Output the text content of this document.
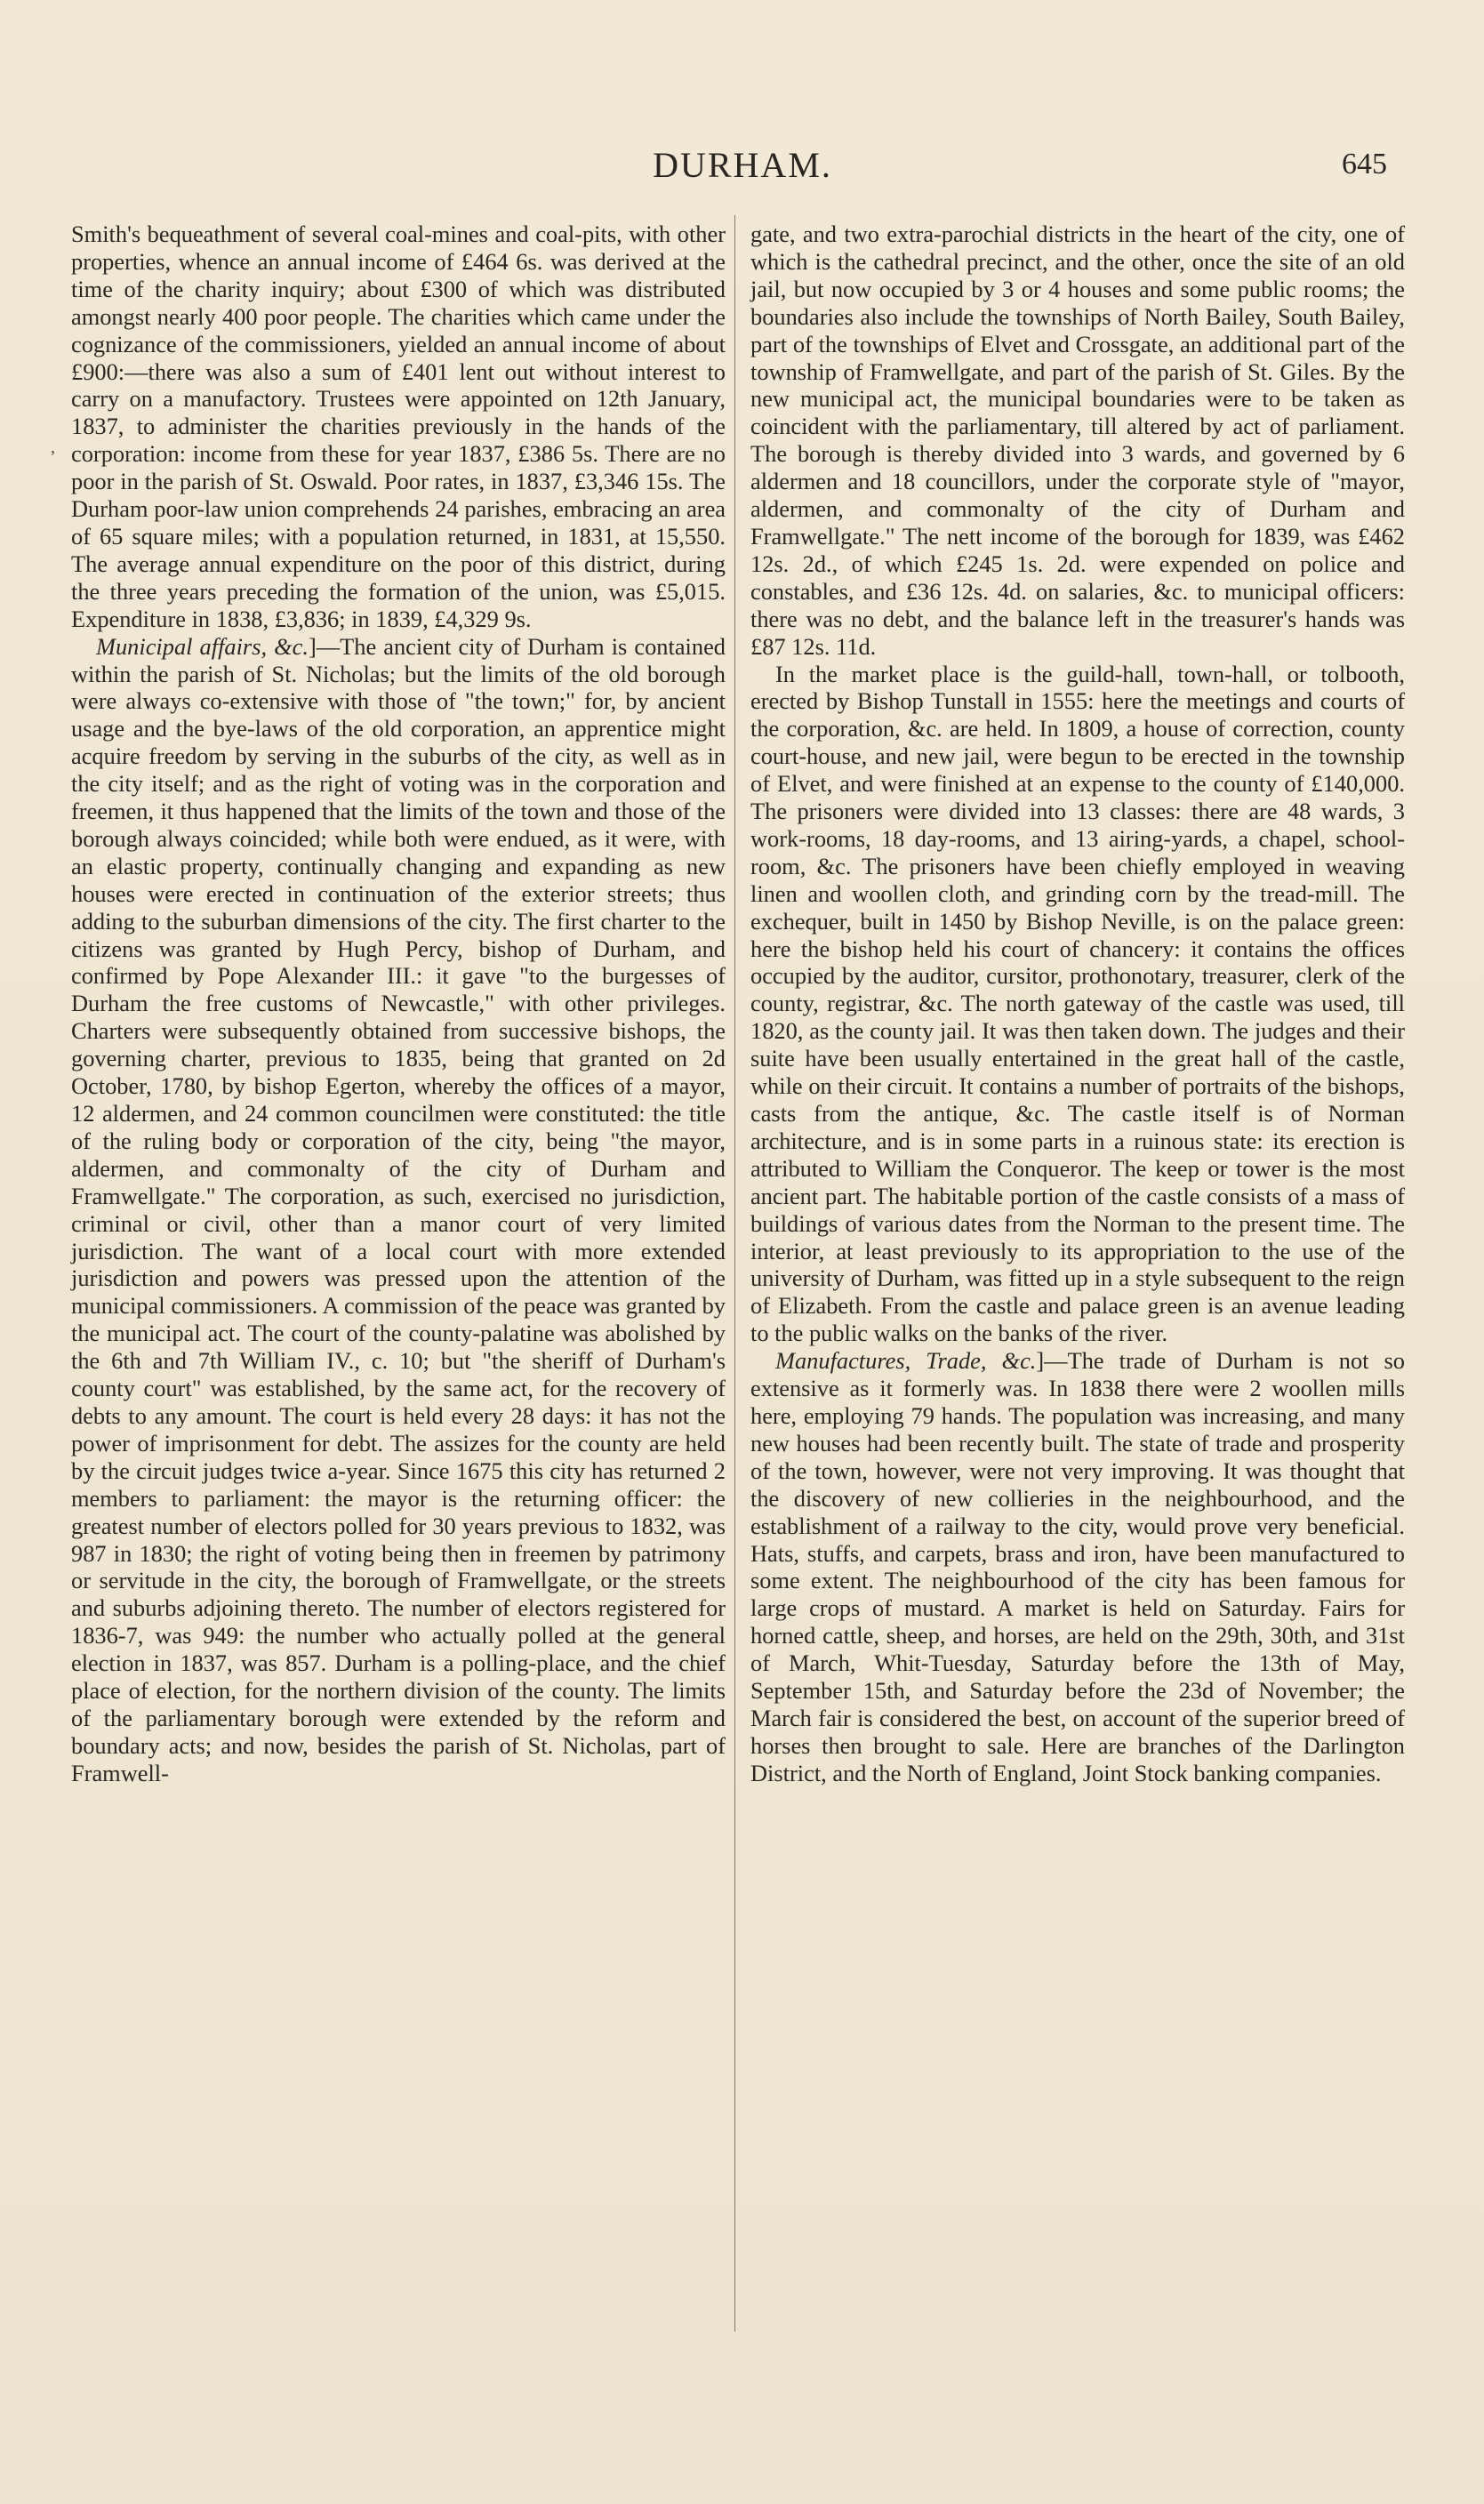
DURHAM.	645
’

Smith's bequeathment of several coal-mines and coal-pits, with other properties, whence an annual income of £464 6s. was derived at the time of the charity inquiry; about £300 of which was distributed amongst nearly 400 poor people. The charities which came under the cognizance of the commissioners, yielded an annual income of about £900:—there was also a sum of £401 lent out without interest to carry on a manufactory. Trustees were appointed on 12th January, 1837, to administer the charities previously in the hands of the corporation: income from these for year 1837, £386 5s. There are no poor in the parish of St. Oswald. Poor rates, in 1837, £3,346 15s. The Durham poor-law union comprehends 24 parishes, embracing an area of 65 square miles; with a population returned, in 1831, at 15,550. The average annual expenditure on the poor of this district, during the three years preceding the formation of the union, was £5,015. Expenditure in 1838, £3,836; in 1839, £4,329 9s.

Municipal affairs, &c.]—The ancient city of Durham is contained within the parish of St. Nicholas; but the limits of the old borough were always co-extensive with those of "the town;" for, by ancient usage and the bye-laws of the old corporation, an apprentice might acquire freedom by serving in the suburbs of the city, as well as in the city itself; and as the right of voting was in the corporation and freemen, it thus happened that the limits of the town and those of the borough always coincided; while both were endued, as it were, with an elastic property, continually changing and expanding as new houses were erected in continuation of the exterior streets; thus adding to the suburban dimensions of the city. The first charter to the citizens was granted by Hugh Percy, bishop of Durham, and confirmed by Pope Alexander III.: it gave "to the burgesses of Durham the free customs of Newcastle," with other privileges. Charters were subsequently obtained from successive bishops, the governing charter, previous to 1835, being that granted on 2d October, 1780, by bishop Egerton, whereby the offices of a mayor, 12 aldermen, and 24 common councilmen were constituted: the title of the ruling body or corporation of the city, being "the mayor, aldermen, and commonalty of the city of Durham and Framwellgate." The corporation, as such, exercised no jurisdiction, criminal or civil, other than a manor court of very limited jurisdiction. The want of a local court with more extended jurisdiction and powers was pressed upon the attention of the municipal commissioners. A commission of the peace was granted by the municipal act. The court of the county-palatine was abolished by the 6th and 7th William IV., c. 10; but "the sheriff of Durham's county court" was established, by the same act, for the recovery of debts to any amount. The court is held every 28 days: it has not the power of imprisonment for debt. The assizes for the county are held by the circuit judges twice a-year. Since 1675 this city has returned 2 members to parliament: the mayor is the returning officer: the greatest number of electors polled for 30 years previous to 1832, was 987 in 1830; the right of voting being then in freemen by patrimony or servitude in the city, the borough of Framwellgate, or the streets and suburbs adjoining thereto. The number of electors registered for 1836-7, was 949: the number who actually polled at the general election in 1837, was 857. Durham is a polling-place, and the chief place of election, for the northern division of the county. The limits of the parliamentary borough were extended by the reform and boundary acts; and now, besides the parish of St. Nicholas, part of Framwell-

gate, and two extra-parochial districts in the heart of the city, one of which is the cathedral precinct, and the other, once the site of an old jail, but now occupied by 3 or 4 houses and some public rooms; the boundaries also include the townships of North Bailey, South Bailey, part of the townships of Elvet and Crossgate, an additional part of the township of Framwellgate, and part of the parish of St. Giles. By the new municipal act, the municipal boundaries were to be taken as coincident with the parliamentary, till altered by act of parliament. The borough is thereby divided into 3 wards, and governed by 6 aldermen and 18 councillors, under the corporate style of "mayor, aldermen, and commonalty of the city of Durham and Framwellgate." The nett income of the borough for 1839, was £462 12s. 2d., of which £245 1s. 2d. were expended on police and constables, and £36 12s. 4d. on salaries, &c. to municipal officers: there was no debt, and the balance left in the treasurer's hands was £87 12s. 11d.

In the market place is the guild-hall, town-hall, or tolbooth, erected by Bishop Tunstall in 1555: here the meetings and courts of the corporation, &c. are held. In 1809, a house of correction, county court-house, and new jail, were begun to be erected in the township of Elvet, and were finished at an expense to the county of £140,000. The prisoners were divided into 13 classes: there are 48 wards, 3 work-rooms, 18 day-rooms, and 13 airing-yards, a chapel, school-room, &c. The prisoners have been chiefly employed in weaving linen and woollen cloth, and grinding corn by the tread-mill. The exchequer, built in 1450 by Bishop Neville, is on the palace green: here the bishop held his court of chancery: it contains the offices occupied by the auditor, cursitor, prothonotary, treasurer, clerk of the county, registrar, &c. The north gateway of the castle was used, till 1820, as the county jail. It was then taken down. The judges and their suite have been usually entertained in the great hall of the castle, while on their circuit. It contains a number of portraits of the bishops, casts from the antique, &c. The castle itself is of Norman architecture, and is in some parts in a ruinous state: its erection is attributed to William the Conqueror. The keep or tower is the most ancient part. The habitable portion of the castle consists of a mass of buildings of various dates from the Norman to the present time. The interior, at least previously to its appropriation to the use of the university of Durham, was fitted up in a style subsequent to the reign of Elizabeth. From the castle and palace green is an avenue leading to the public walks on the banks of the river.

Manufactures, Trade, &c.]—The trade of Durham is not so extensive as it formerly was. In 1838 there were 2 woollen mills here, employing 79 hands. The population was increasing, and many new houses had been recently built. The state of trade and prosperity of the town, however, were not very improving. It was thought that the discovery of new collieries in the neighbourhood, and the establishment of a railway to the city, would prove very beneficial. Hats, stuffs, and carpets, brass and iron, have been manufactured to some extent. The neighbourhood of the city has been famous for large crops of mustard. A market is held on Saturday. Fairs for horned cattle, sheep, and horses, are held on the 29th, 30th, and 31st of March, Whit-Tuesday, Saturday before the 13th of May, September 15th, and Saturday before the 23d of November; the March fair is considered the best, on account of the superior breed of horses then brought to sale. Here are branches of the Darlington District, and the North of England, Joint Stock banking companies.
